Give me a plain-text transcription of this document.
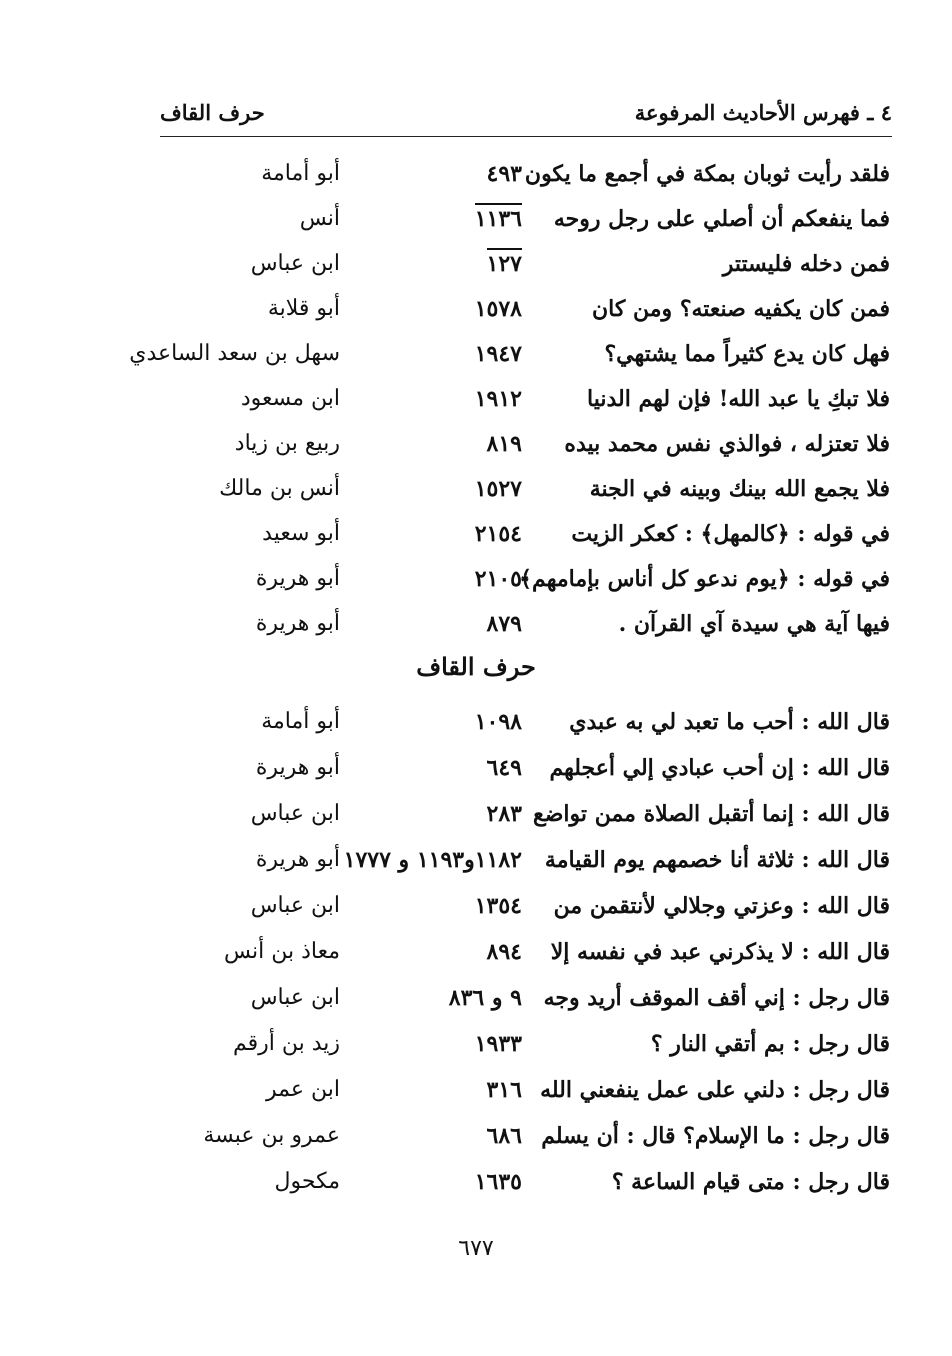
٤ ـ فهرس الأحاديث المرفوعة
حرف القاف
فلقد رأيت ثوبان بمكة في أجمع ما يكون
٤٩٣
أبو أمامة
فما ينفعكم أن أصلي على رجل روحه
١١٣٦
أنس
فمن دخله فليستتر
١٢٧
ابن عباس
فمن كان يكفيه صنعته؟ ومن كان
١٥٧٨
أبو قلابة
فهل كان يدع كثيراً مما يشتهي؟
١٩٤٧
سهل بن سعد الساعدي
فلا تبكِ يا عبد الله! فإن لهم الدنيا
١٩١٢
ابن مسعود
فلا تعتزله ، فوالذي نفس محمد بيده
٨١٩
ربيع بن زياد
فلا يجمع الله بينك وبينه في الجنة
١٥٢٧
أنس بن مالك
في قوله : ﴿كالمهل﴾ : كعكر الزيت
٢١٥٤
أبو سعيد
في قوله : ﴿يوم ندعو كل أناس بإمامهم﴾
٢١٠٥
أبو هريرة
فيها آية هي سيدة آي القرآن .
٨٧٩
أبو هريرة
حرف القاف
قال الله : أحب ما تعبد لي به عبدي
١٠٩٨
أبو أمامة
قال الله : إن أحب عبادي إلي أعجلهم
٦٤٩
أبو هريرة
قال الله : إنما أتقبل الصلاة ممن تواضع
٢٨٣
ابن عباس
قال الله : ثلاثة أنا خصمهم يوم القيامة
١١٨٢و١١٩٣ و ١٧٧٧
أبو هريرة
قال الله : وعزتي وجلالي لأنتقمن من
١٣٥٤
ابن عباس
قال الله : لا يذكرني عبد في نفسه إلا
٨٩٤
معاذ بن أنس
قال رجل : إني أقف الموقف أريد وجه
٩ و ٨٣٦
ابن عباس
قال رجل : بم أتقي النار ؟
١٩٣٣
زيد بن أرقم
قال رجل : دلني على عمل ينفعني الله
٣١٦
ابن عمر
قال رجل : ما الإسلام؟ قال : أن يسلم
٦٨٦
عمرو بن عبسة
قال رجل : متى قيام الساعة ؟
١٦٣٥
مكحول
٦٧٧
